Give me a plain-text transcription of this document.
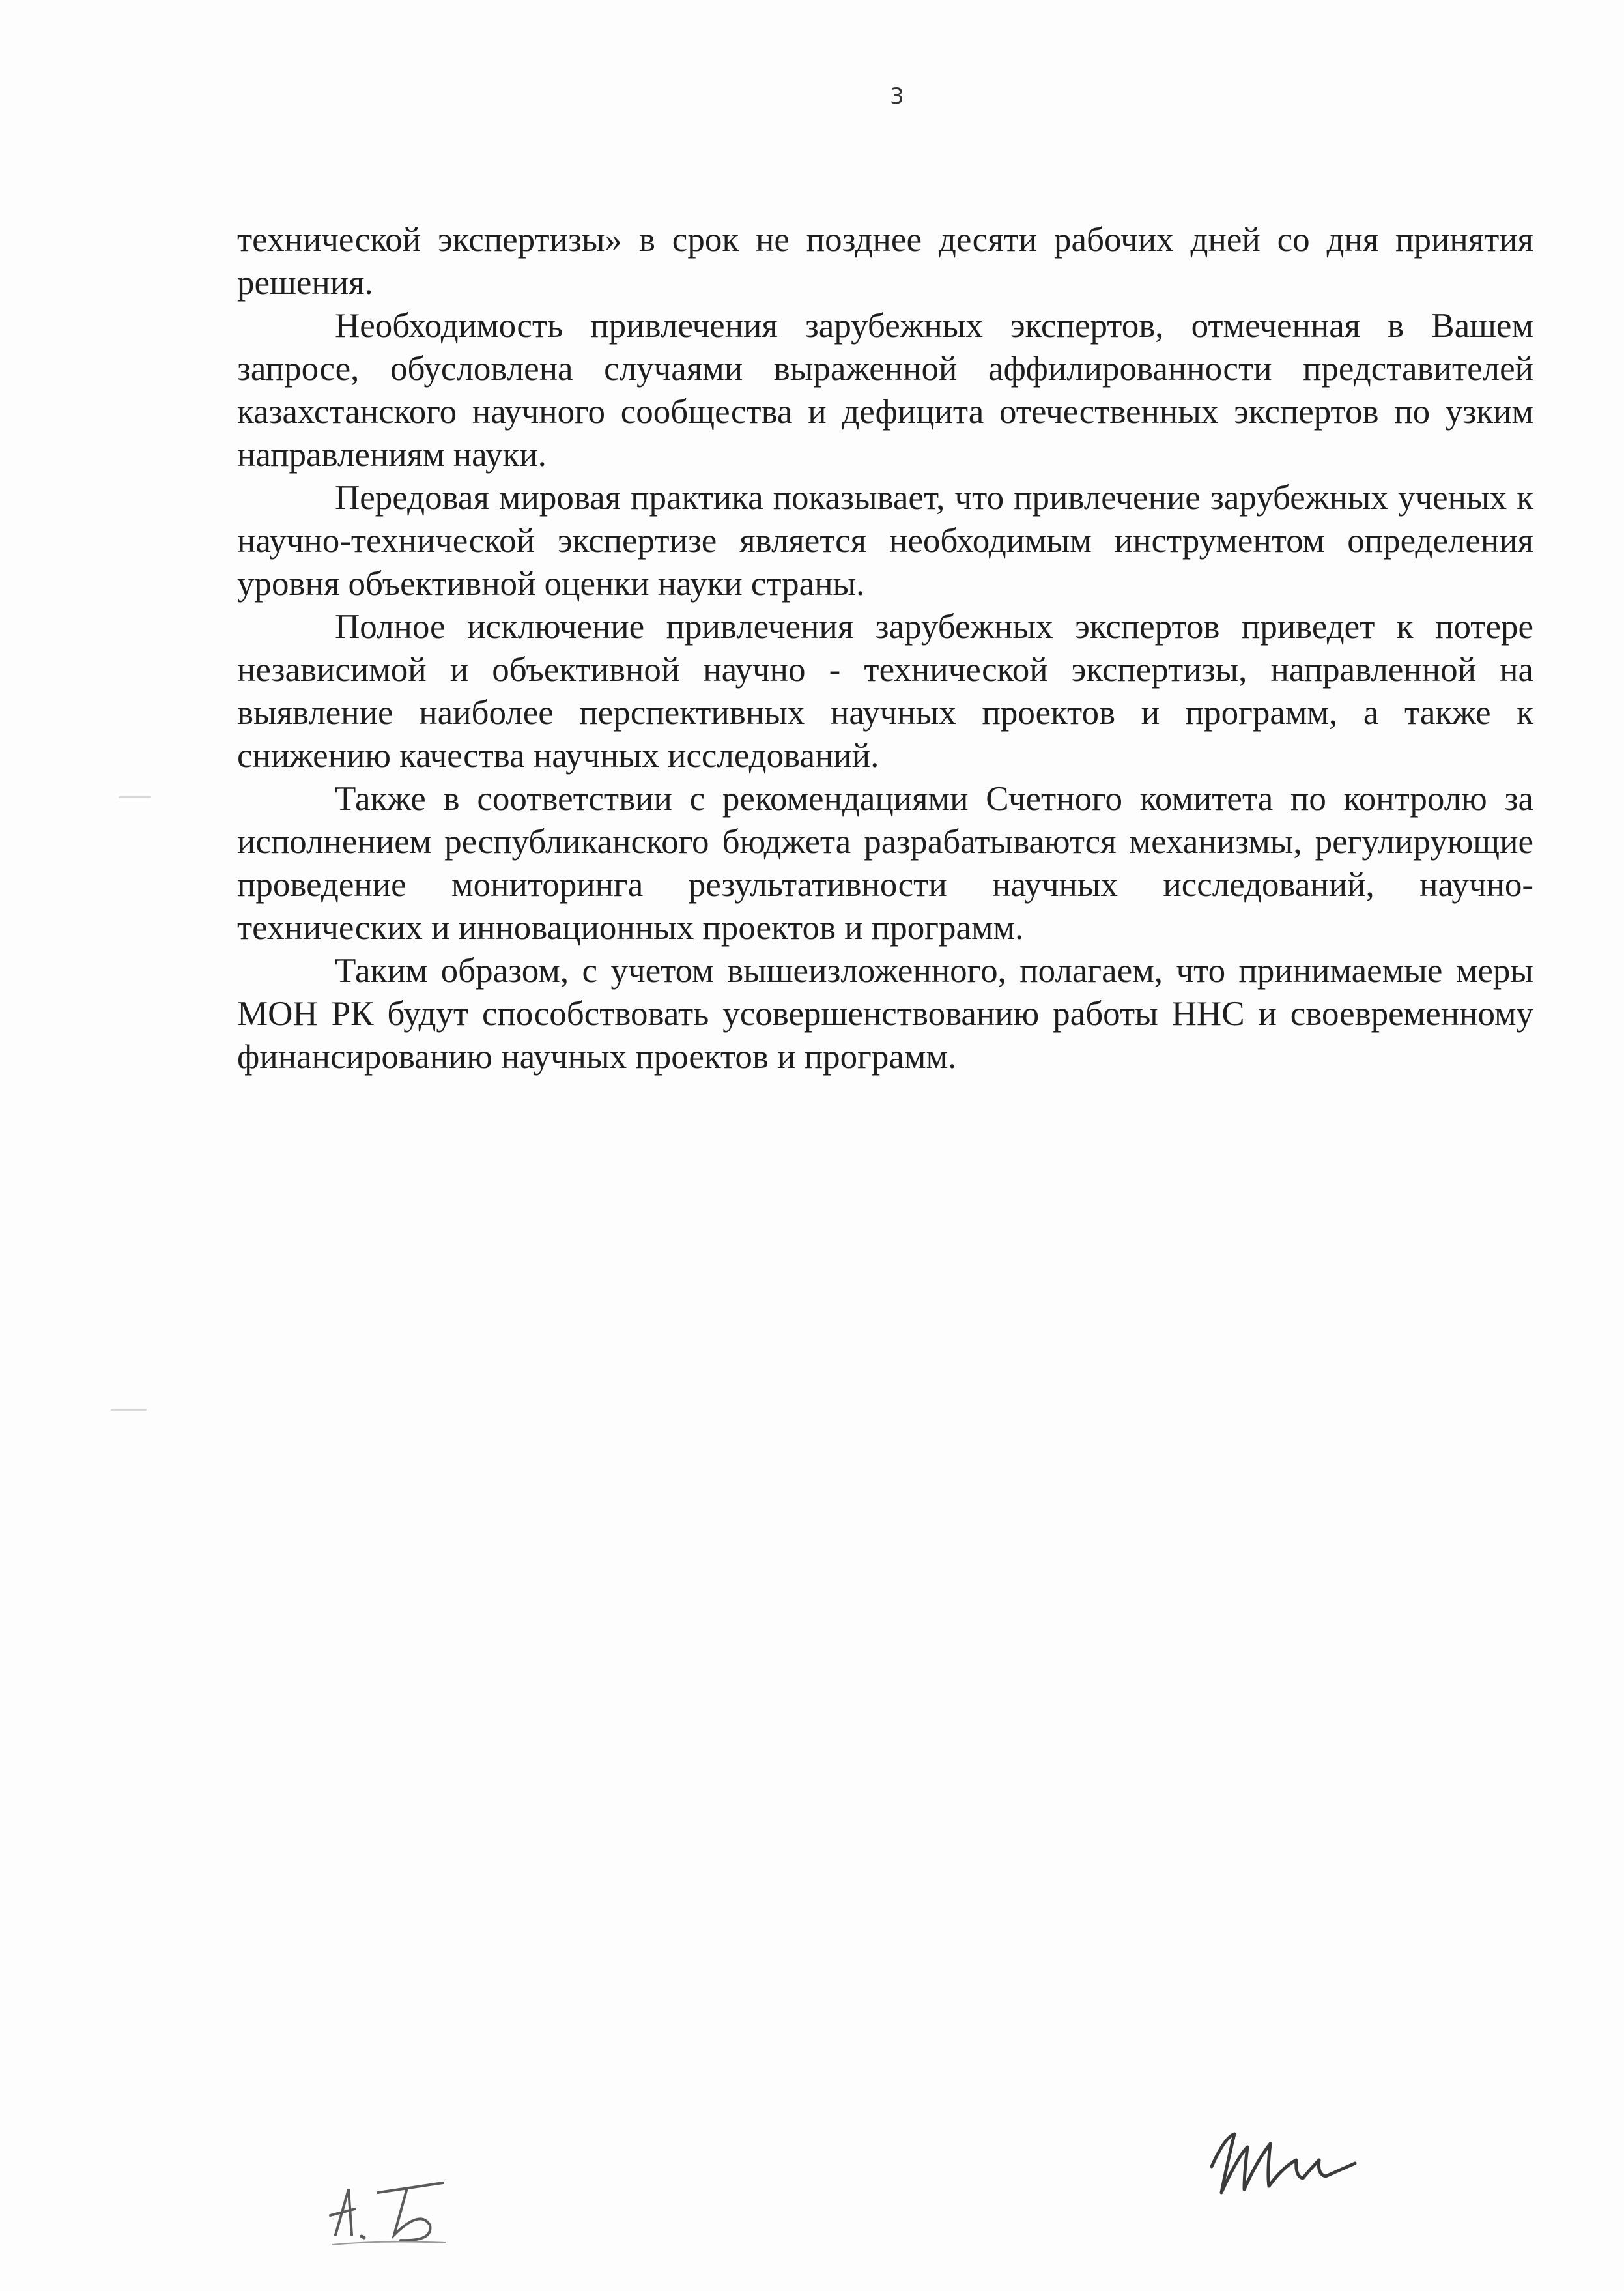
3

технической экспертизы» в срок не позднее десяти рабочих дней со дня принятия решения.

Необходимость привлечения зарубежных экспертов, отмеченная в Вашем запросе, обусловлена случаями выраженной аффилированности представителей казахстанского научного сообщества и дефицита отечественных экспертов по узким направлениям науки.

Передовая мировая практика показывает, что привлечение зарубежных ученых к научно-технической экспертизе является необходимым инструментом определения уровня объективной оценки науки страны.

Полное исключение привлечения зарубежных экспертов приведет к потере независимой и объективной научно - технической экспертизы, направленной на выявление наиболее перспективных научных проектов и программ, а также к снижению качества научных исследований.

Также в соответствии с рекомендациями Счетного комитета по контролю за исполнением республиканского бюджета разрабатываются механизмы, регулирующие проведение мониторинга результативности научных исследований, научно-технических и инновационных проектов и программ.

Таким образом, с учетом вышеизложенного, полагаем, что принимаемые меры МОН РК будут способствовать усовершенствованию работы ННС и своевременному финансированию научных проектов и программ.
